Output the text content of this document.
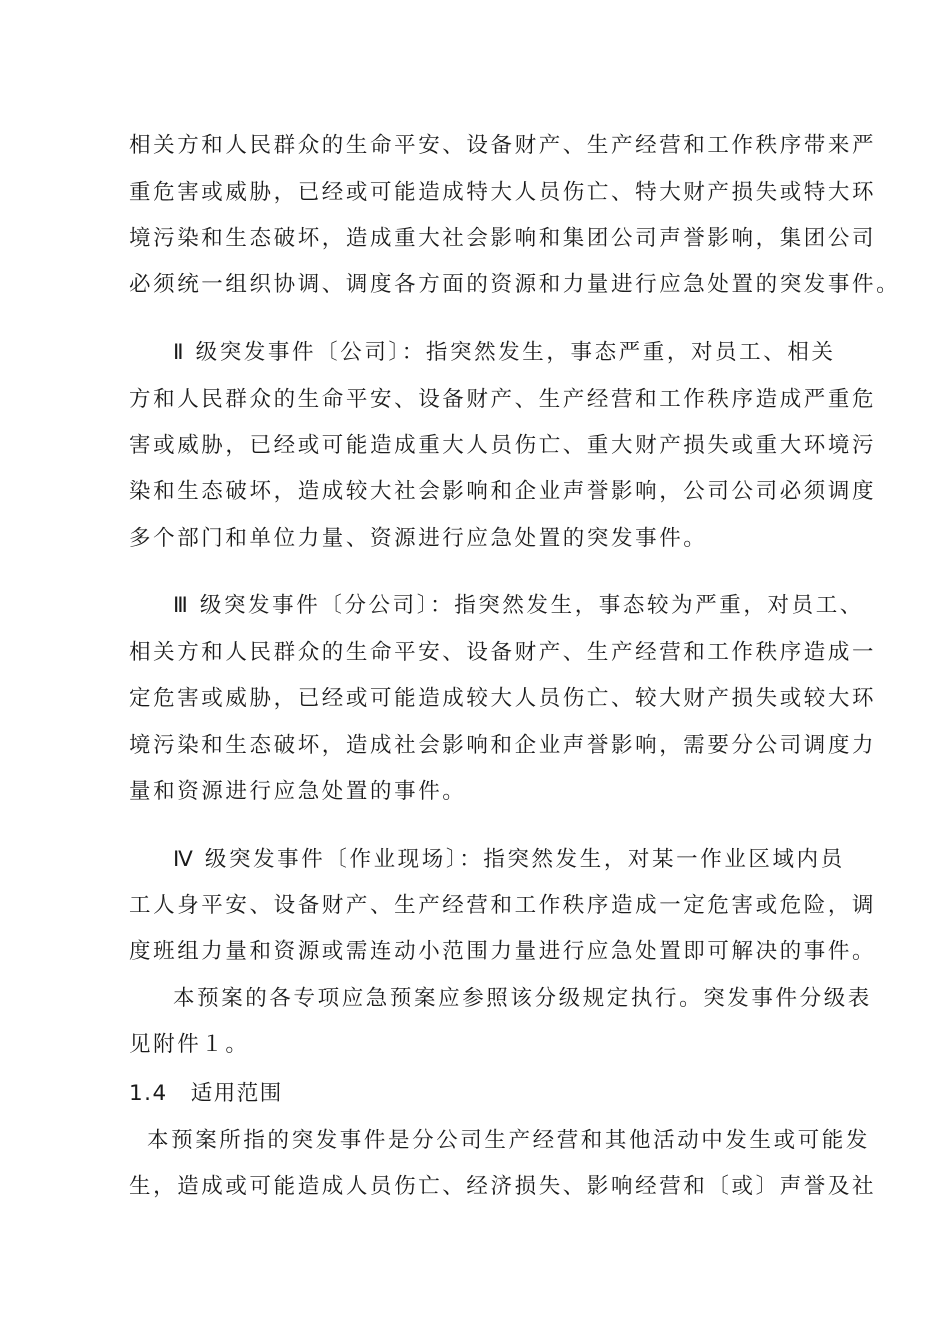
相关方和人民群众的生命平安、设备财产、生产经营和工作秩序带来严
重危害或威胁，已经或可能造成特大人员伤亡、特大财产损失或特大环
境污染和生态破坏，造成重大社会影响和集团公司声誉影响，集团公司
必须统一组织协调、调度各方面的资源和力量进行应急处置的突发事件。
Ⅱ 级突发事件〔公司〕：指突然发生，事态严重，对员工、相关
方和人民群众的生命平安、设备财产、生产经营和工作秩序造成严重危
害或威胁，已经或可能造成重大人员伤亡、重大财产损失或重大环境污
染和生态破坏，造成较大社会影响和企业声誉影响，公司公司必须调度
多个部门和单位力量、资源进行应急处置的突发事件。
Ⅲ 级突发事件〔分公司〕：指突然发生，事态较为严重，对员工、
相关方和人民群众的生命平安、设备财产、生产经营和工作秩序造成一
定危害或威胁，已经或可能造成较大人员伤亡、较大财产损失或较大环
境污染和生态破坏，造成社会影响和企业声誉影响，需要分公司调度力
量和资源进行应急处置的事件。
Ⅳ 级突发事件〔作业现场〕：指突然发生，对某一作业区域内员
工人身平安、设备财产、生产经营和工作秩序造成一定危害或危险，调
度班组力量和资源或需连动小范围力量进行应急处置即可解决的事件。
本预案的各专项应急预案应参照该分级规定执行。突发事件分级表
见附件１。
1.4　适用范围
本预案所指的突发事件是分公司生产经营和其他活动中发生或可能发
生，造成或可能造成人员伤亡、经济损失、影响经营和〔或〕声誉及社
